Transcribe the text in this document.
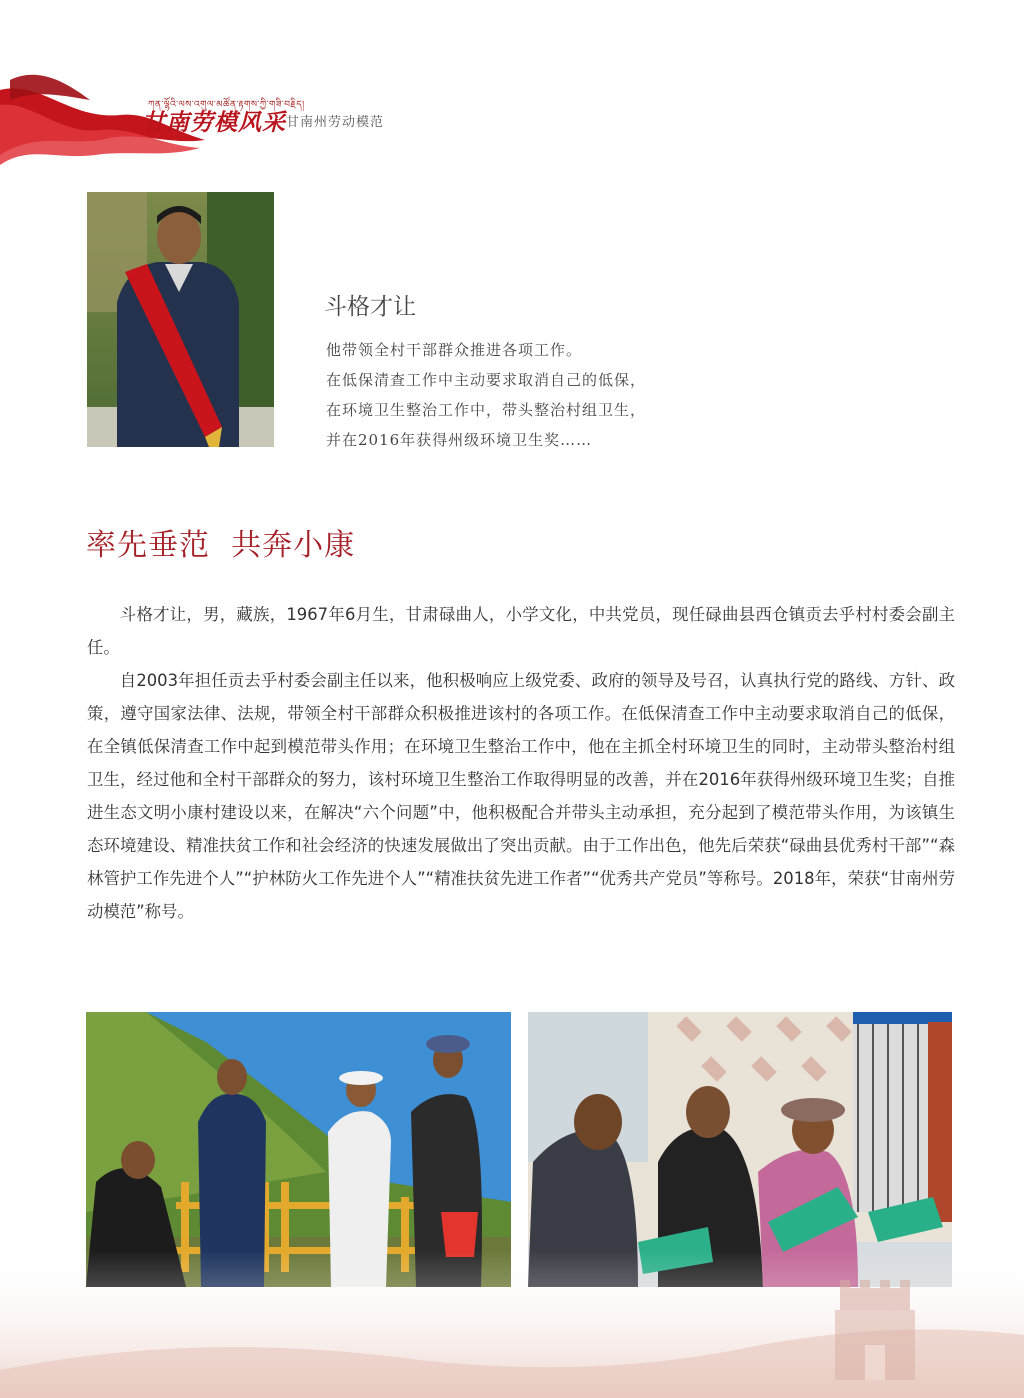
ཀན་ལྷོའི་ལས་འགུལ་མཚོན་རྟགས་ཀྱི་གཟི་བརྗིད།
甘南劳模风采 甘南州劳动模范
斗格才让
他带领全村干部群众推进各项工作。
在低保清查工作中主动要求取消自己的低保，
在环境卫生整治工作中，带头整治村组卫生，
并在2016年获得州级环境卫生奖……
率先垂范  共奔小康

斗格才让，男，藏族，1967年6月生，甘肃碌曲人，小学文化，中共党员，现任碌曲县西仓镇贡去乎村村委会副主任。

自2003年担任贡去乎村委会副主任以来，他积极响应上级党委、政府的领导及号召，认真执行党的路线、方针、政策，遵守国家法律、法规，带领全村干部群众积极推进该村的各项工作。在低保清查工作中主动要求取消自己的低保，在全镇低保清查工作中起到模范带头作用；在环境卫生整治工作中，他在主抓全村环境卫生的同时，主动带头整治村组卫生，经过他和全村干部群众的努力，该村环境卫生整治工作取得明显的改善，并在2016年获得州级环境卫生奖；自推进生态文明小康村建设以来，在解决“六个问题”中，他积极配合并带头主动承担，充分起到了模范带头作用，为该镇生态环境建设、精准扶贫工作和社会经济的快速发展做出了突出贡献。由于工作出色，他先后荣获“碌曲县优秀村干部”“森林管护工作先进个人”“护林防火工作先进个人”“精准扶贫先进工作者”“优秀共产党员”等称号。2018年，荣获“甘南州劳动模范”称号。
